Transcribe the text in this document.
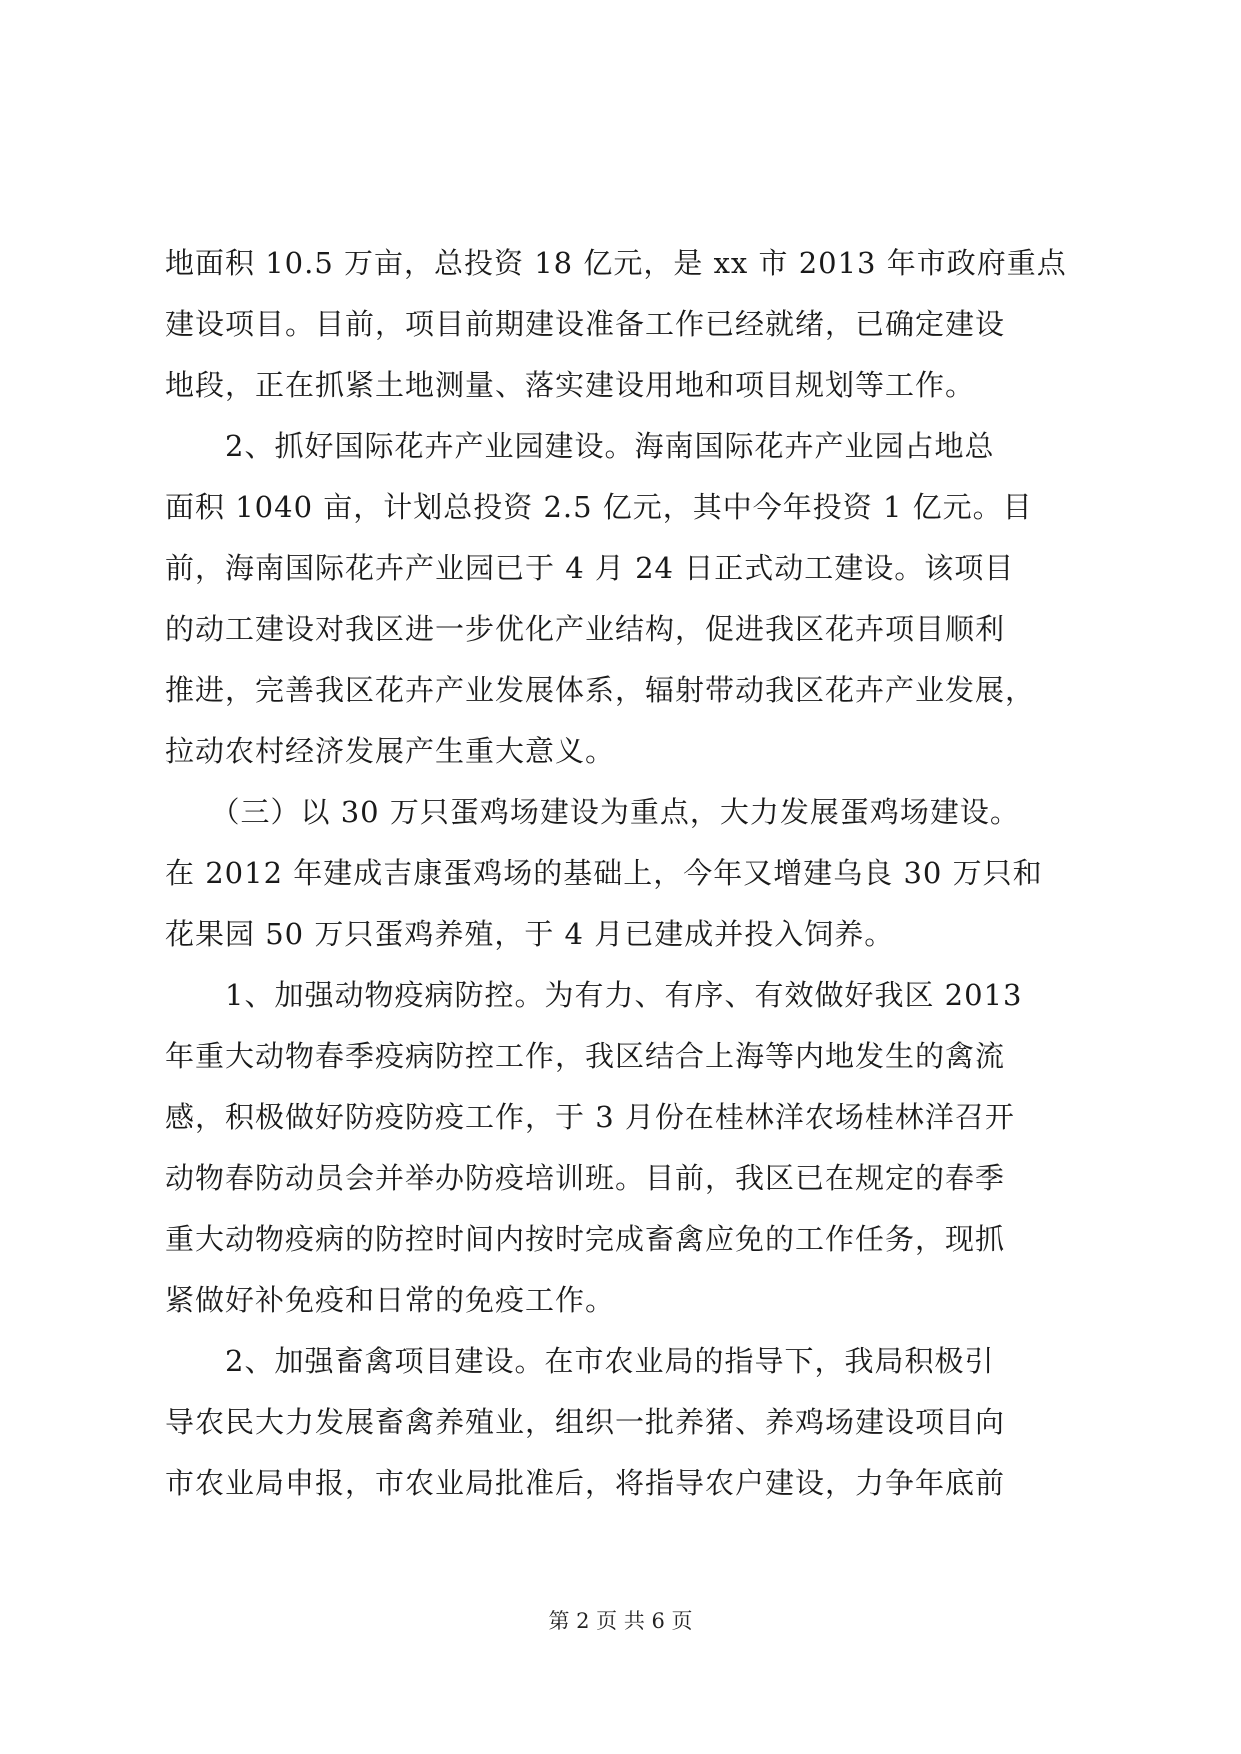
地面积 10.5 万亩，总投资 18 亿元，是 xx 市 2013 年市政府重点
建设项目。目前，项目前期建设准备工作已经就绪，已确定建设
地段，正在抓紧土地测量、落实建设用地和项目规划等工作。
　　2、抓好国际花卉产业园建设。海南国际花卉产业园占地总
面积 1040 亩，计划总投资 2.5 亿元，其中今年投资 1 亿元。目
前，海南国际花卉产业园已于 4 月 24 日正式动工建设。该项目
的动工建设对我区进一步优化产业结构，促进我区花卉项目顺利
推进，完善我区花卉产业发展体系，辐射带动我区花卉产业发展，
拉动农村经济发展产生重大意义。
　　（三）以 30 万只蛋鸡场建设为重点，大力发展蛋鸡场建设。
在 2012 年建成吉康蛋鸡场的基础上，今年又增建乌良 30 万只和
花果园 50 万只蛋鸡养殖，于 4 月已建成并投入饲养。
　　1、加强动物疫病防控。为有力、有序、有效做好我区 2013
年重大动物春季疫病防控工作，我区结合上海等内地发生的禽流
感，积极做好防疫防疫工作，于 3 月份在桂林洋农场桂林洋召开
动物春防动员会并举办防疫培训班。目前，我区已在规定的春季
重大动物疫病的防控时间内按时完成畜禽应免的工作任务，现抓
紧做好补免疫和日常的免疫工作。
　　2、加强畜禽项目建设。在市农业局的指导下，我局积极引
导农民大力发展畜禽养殖业，组织一批养猪、养鸡场建设项目向
市农业局申报，市农业局批准后，将指导农户建设，力争年底前
第 2 页 共 6 页
